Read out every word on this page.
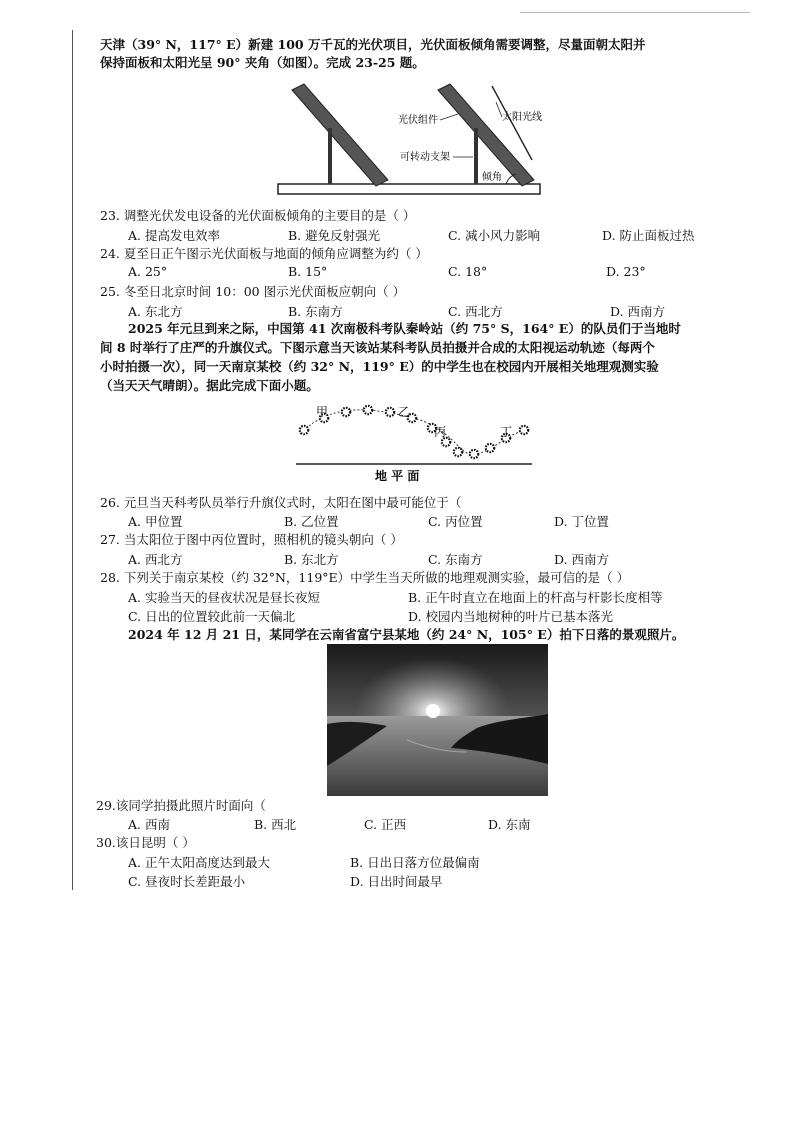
天津（39° N，117° E）新建 100 万千瓦的光伏项目，光伏面板倾角需要调整，尽量面朝太阳并
保持面板和太阳光呈 90° 夹角（如图）。完成 23-25 题。
光伏组件	太阳光线
可转动支架
倾角
23. 调整光伏发电设备的光伏面板倾角的主要目的是（ ）
A. 提高发电效率	B. 避免反射强光	C. 减小风力影响	D. 防止面板过热
24. 夏至日正午图示光伏面板与地面的倾角应调整为约（ ）
A. 25°	B. 15°	C. 18°	D. 23°
25. 冬至日北京时间 10：00 图示光伏面板应朝向（ ）
A. 东北方	B. 东南方	C. 西北方	D. 西南方
2025 年元旦到来之际，中国第 41 次南极科考队秦岭站（约 75° S，164° E）的队员们于当地时
间 8 时举行了庄严的升旗仪式。下图示意当天该站某科考队员拍摄并合成的太阳视运动轨迹（每两个
小时拍摄一次），同一天南京某校（约 32° N，119° E）的中学生也在校园内开展相关地理观测实验
（当天天气晴朗）。据此完成下面小题。
甲	乙
丙	丁
地 平 面
26. 元旦当天科考队员举行升旗仪式时，太阳在图中最可能位于（
A. 甲位置	B. 乙位置	C. 丙位置	D. 丁位置
27. 当太阳位于图中丙位置时，照相机的镜头朝向（ ）
A. 西北方	B. 东北方	C. 东南方	D. 西南方
28. 下列关于南京某校（约 32°N，119°E）中学生当天所做的地理观测实验，最可信的是（ ）
A. 实验当天的昼夜状况是昼长夜短	B. 正午时直立在地面上的杆高与杆影长度相等
C. 日出的位置较此前一天偏北	D. 校园内当地树种的叶片已基本落光
2024 年 12 月 21 日，某同学在云南省富宁县某地（约 24° N，105° E）拍下日落的景观照片。
29.该同学拍摄此照片时面向（
A. 西南	B. 西北	C. 正西	D. 东南
30.该日昆明（ ）
A. 正午太阳高度达到最大	B. 日出日落方位最偏南
C. 昼夜时长差距最小	D. 日出时间最早
